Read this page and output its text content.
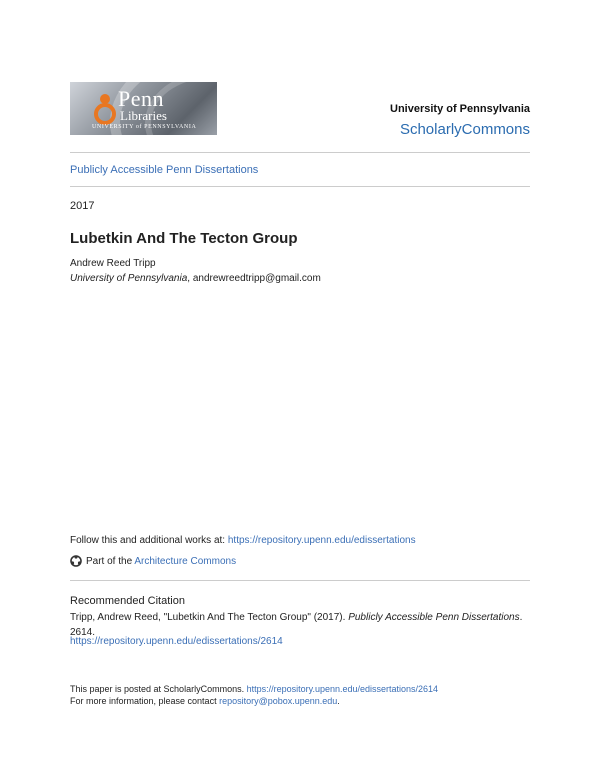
Penn
Libraries
UNIVERSITY of PENNSYLVANIA
University of Pennsylvania
ScholarlyCommons
Publicly Accessible Penn Dissertations
2017
Lubetkin And The Tecton Group
Andrew Reed Tripp
University of Pennsylvania, andrewreedtripp@gmail.com
Follow this and additional works at: https://repository.upenn.edu/edissertations
Part of the Architecture Commons
Recommended Citation
Tripp, Andrew Reed, "Lubetkin And The Tecton Group" (2017). Publicly Accessible Penn Dissertations. 2614.
https://repository.upenn.edu/edissertations/2614
This paper is posted at ScholarlyCommons. https://repository.upenn.edu/edissertations/2614
For more information, please contact repository@pobox.upenn.edu.
